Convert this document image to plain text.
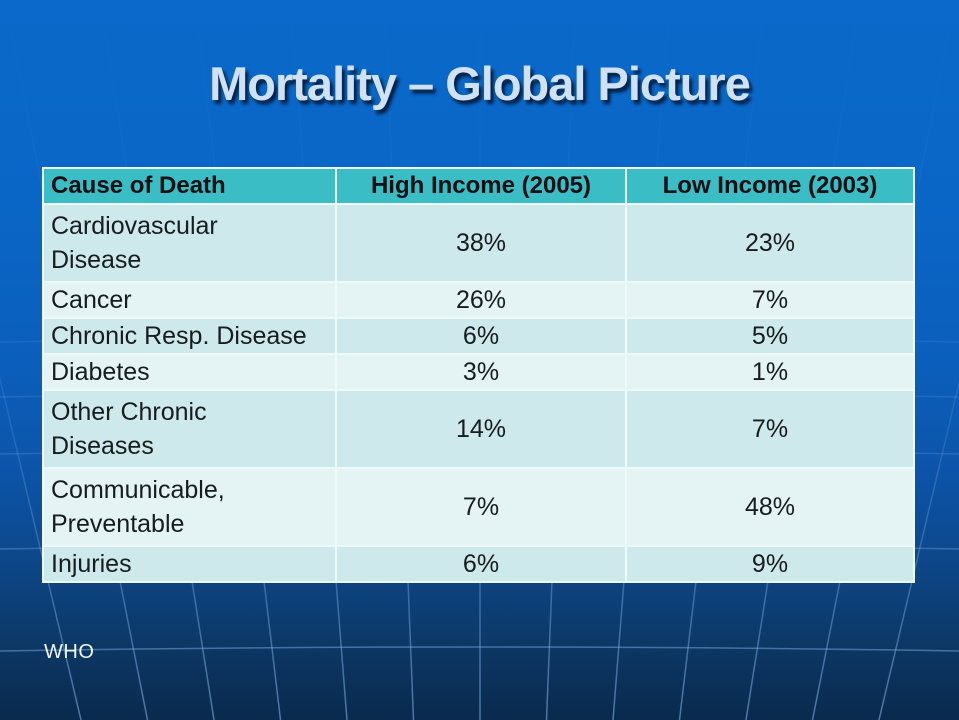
Mortality – Global Picture
Cause of Death	High Income (2005)	Low Income (2003)
Cardiovascular Disease	38%	23%
Cancer	26%	7%
Chronic Resp. Disease	6%	5%
Diabetes	3%	1%
Other Chronic Diseases	14%	7%
Communicable, Preventable	7%	48%
Injuries	6%	9%
WHO
